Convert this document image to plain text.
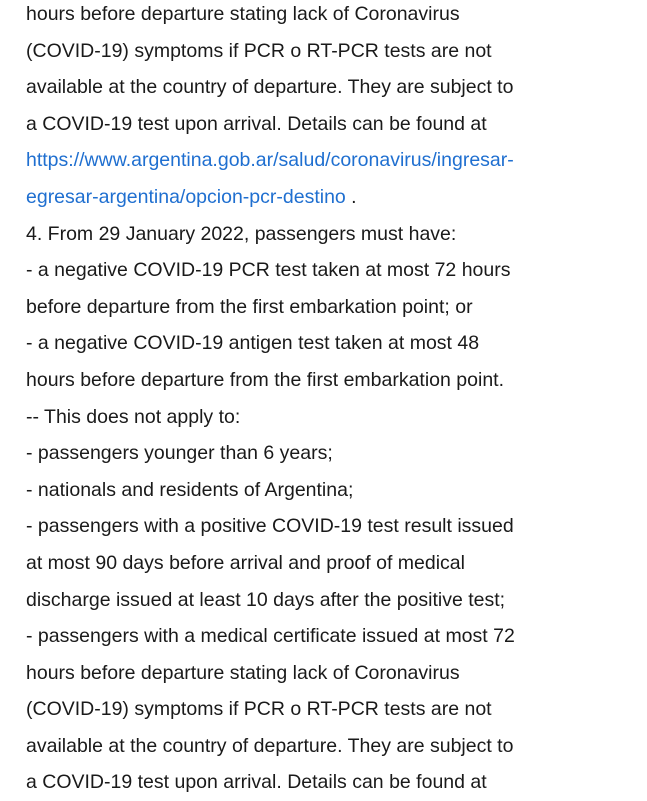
hours before departure stating lack of Coronavirus
(COVID-19) symptoms if PCR o RT-PCR tests are not
available at the country of departure. They are subject to
a COVID-19 test upon arrival. Details can be found at
https://www.argentina.gob.ar/salud/coronavirus/ingresar-
egresar-argentina/opcion-pcr-destino .
4. From 29 January 2022, passengers must have:
- a negative COVID-19 PCR test taken at most 72 hours
before departure from the first embarkation point; or
- a negative COVID-19 antigen test taken at most 48
hours before departure from the first embarkation point.
-- This does not apply to:
- passengers younger than 6 years;
- nationals and residents of Argentina;
- passengers with a positive COVID-19 test result issued
at most 90 days before arrival and proof of medical
discharge issued at least 10 days after the positive test;
- passengers with a medical certificate issued at most 72
hours before departure stating lack of Coronavirus
(COVID-19) symptoms if PCR o RT-PCR tests are not
available at the country of departure. They are subject to
a COVID-19 test upon arrival. Details can be found at
